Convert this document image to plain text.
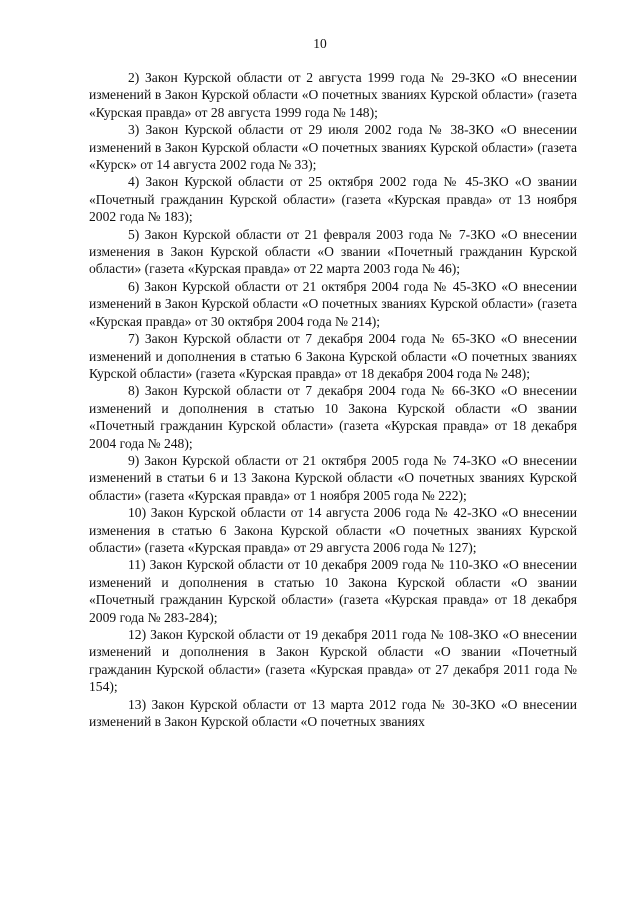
10

2) Закон Курской области от 2 августа 1999 года № 29-ЗКО «О внесении изменений в Закон Курской области «О почетных званиях Курской области» (газета «Курская правда» от 28 августа 1999 года № 148);

3) Закон Курской области от 29 июля 2002 года № 38-ЗКО «О внесении изменений в Закон Курской области «О почетных званиях Курской области» (газета «Курск» от 14 августа 2002 года № 33);

4) Закон Курской области от 25 октября 2002 года № 45-ЗКО «О звании «Почетный гражданин Курской области» (газета «Курская правда» от 13 ноября 2002 года № 183);

5) Закон Курской области от 21 февраля 2003 года № 7-ЗКО «О внесении изменения в Закон Курской области «О звании «Почетный гражданин Курской области» (газета «Курская правда» от 22 марта 2003 года № 46);

6) Закон Курской области от 21 октября 2004 года № 45-ЗКО «О внесении изменений в Закон Курской области «О почетных званиях Курской области» (газета «Курская правда» от 30 октября 2004 года № 214);

7) Закон Курской области от 7 декабря 2004 года № 65-ЗКО «О внесении изменений и дополнения в статью 6 Закона Курской области «О почетных званиях Курской области» (газета «Курская правда» от 18 декабря 2004 года № 248);

8) Закон Курской области от 7 декабря 2004 года № 66-ЗКО «О внесении изменений и дополнения в статью 10 Закона Курской области «О звании «Почетный гражданин Курской области» (газета «Курская правда» от 18 декабря 2004 года № 248);

9) Закон Курской области от 21 октября 2005 года № 74-ЗКО «О внесении изменений в статьи 6 и 13 Закона Курской области «О почетных званиях Курской области» (газета «Курская правда» от 1 ноября 2005 года № 222);

10) Закон Курской области от 14 августа 2006 года № 42-ЗКО «О внесении изменения в статью 6 Закона Курской области «О почетных званиях Курской области» (газета «Курская правда» от 29 августа 2006 года № 127);

11) Закон Курской области от 10 декабря 2009 года № 110-ЗКО «О внесении изменений и дополнения в статью 10 Закона Курской области «О звании «Почетный гражданин Курской области» (газета «Курская правда» от 18 декабря 2009 года № 283-284);

12) Закон Курской области от 19 декабря 2011 года № 108-ЗКО «О внесении изменений и дополнения в Закон Курской области «О звании «Почетный гражданин Курской области» (газета «Курская правда» от 27 декабря 2011 года № 154);

13) Закон Курской области от 13 марта 2012 года № 30-ЗКО «О внесении изменений в Закон Курской области «О почетных званиях
